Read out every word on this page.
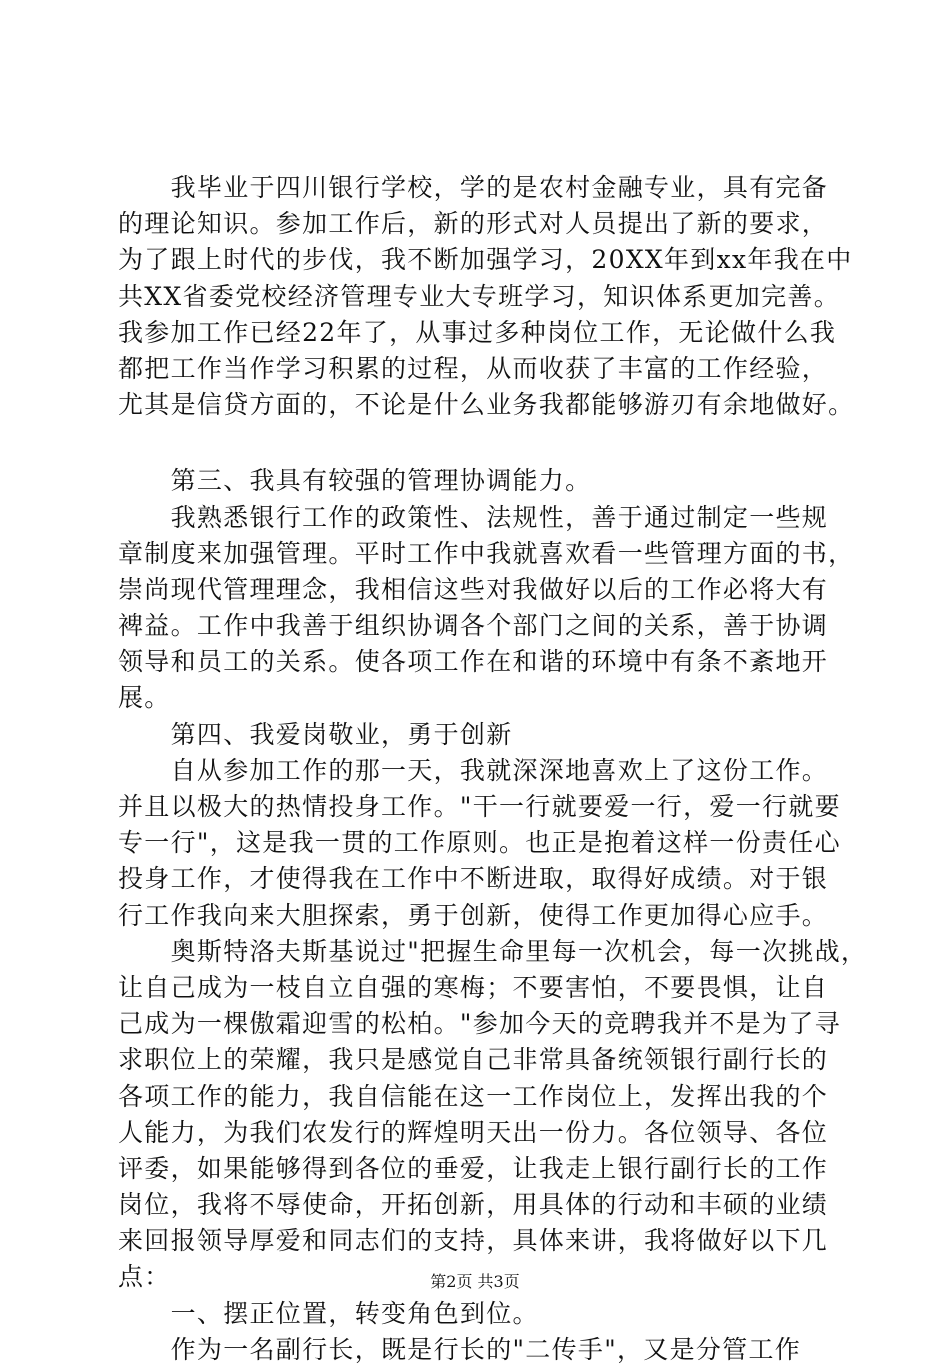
　　我毕业于四川银行学校，学的是农村金融专业，具有完备
的理论知识。参加工作后，新的形式对人员提出了新的要求，
为了跟上时代的步伐，我不断加强学习，20XX年到xx年我在中
共XX省委党校经济管理专业大专班学习，知识体系更加完善。
我参加工作已经22年了，从事过多种岗位工作，无论做什么我
都把工作当作学习积累的过程，从而收获了丰富的工作经验，
尤其是信贷方面的，不论是什么业务我都能够游刃有余地做好。
　　第三、我具有较强的管理协调能力。
　　我熟悉银行工作的政策性、法规性，善于通过制定一些规
章制度来加强管理。平时工作中我就喜欢看一些管理方面的书，
崇尚现代管理理念，我相信这些对我做好以后的工作必将大有
裨益。工作中我善于组织协调各个部门之间的关系，善于协调
领导和员工的关系。使各项工作在和谐的环境中有条不紊地开
展。
　　第四、我爱岗敬业，勇于创新
　　自从参加工作的那一天，我就深深地喜欢上了这份工作。
并且以极大的热情投身工作。"干一行就要爱一行，爱一行就要
专一行"，这是我一贯的工作原则。也正是抱着这样一份责任心
投身工作，才使得我在工作中不断进取，取得好成绩。对于银
行工作我向来大胆探索，勇于创新，使得工作更加得心应手。
　　奥斯特洛夫斯基说过"把握生命里每一次机会，每一次挑战，
让自己成为一枝自立自强的寒梅；不要害怕，不要畏惧，让自
己成为一棵傲霜迎雪的松柏。"参加今天的竞聘我并不是为了寻
求职位上的荣耀，我只是感觉自己非常具备统领银行副行长的
各项工作的能力，我自信能在这一工作岗位上，发挥出我的个
人能力，为我们农发行的辉煌明天出一份力。各位领导、各位
评委，如果能够得到各位的垂爱，让我走上银行副行长的工作
岗位，我将不辱使命，开拓创新，用具体的行动和丰硕的业绩
来回报领导厚爱和同志们的支持，具体来讲，我将做好以下几
点：
　　一、摆正位置，转变角色到位。
　　作为一名副行长，既是行长的"二传手"，又是分管工作
第2页 共3页
